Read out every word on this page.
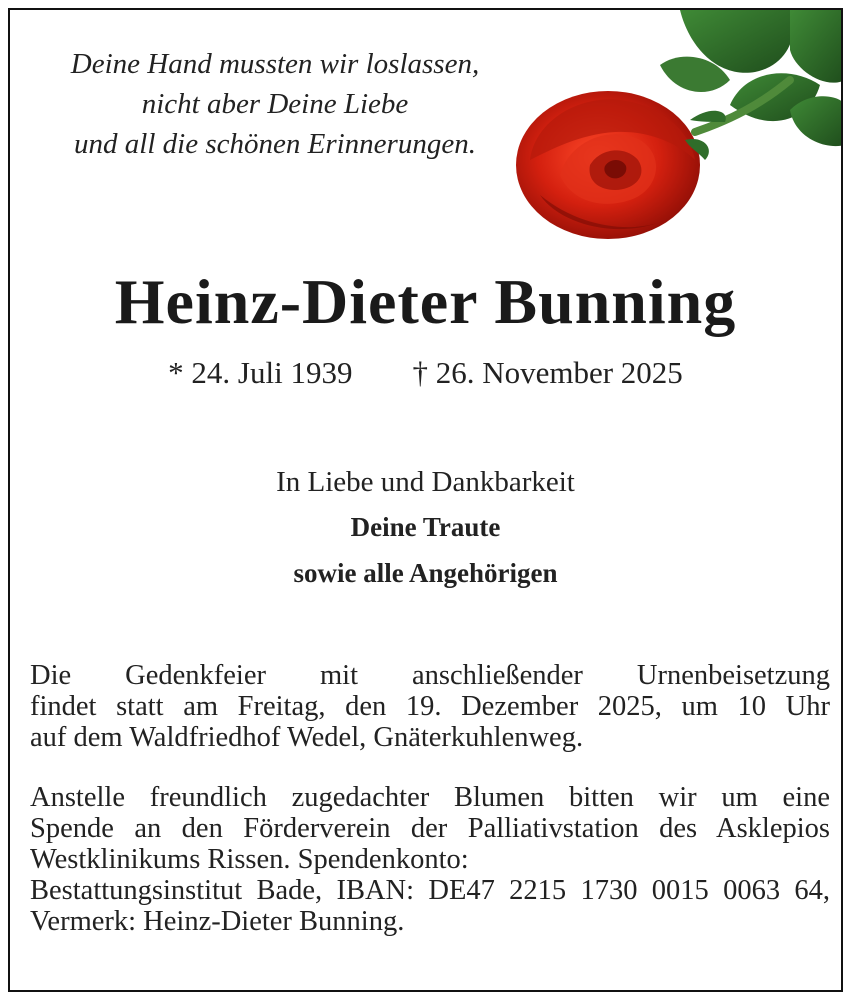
Deine Hand mussten wir loslassen,
nicht aber Deine Liebe
und all die schönen Erinnerungen.
Heinz-Dieter Bunning
* 24. Juli 1939 † 26. November 2025
In Liebe und Dankbarkeit
Deine Traute
sowie alle Angehörigen
Die Gedenkfeier mit anschließender Urnenbeisetzung
findet statt am Freitag, den 19. Dezember 2025, um 10 Uhr
auf dem Waldfriedhof Wedel, Gnäterkuhlenweg.
Anstelle freundlich zugedachter Blumen bitten wir um eine
Spende an den Förderverein der Palliativstation des Asklepios
Westklinikums Rissen. Spendenkonto:
Bestattungsinstitut Bade, IBAN: DE47 2215 1730 0015 0063 64,
Vermerk: Heinz-Dieter Bunning.
